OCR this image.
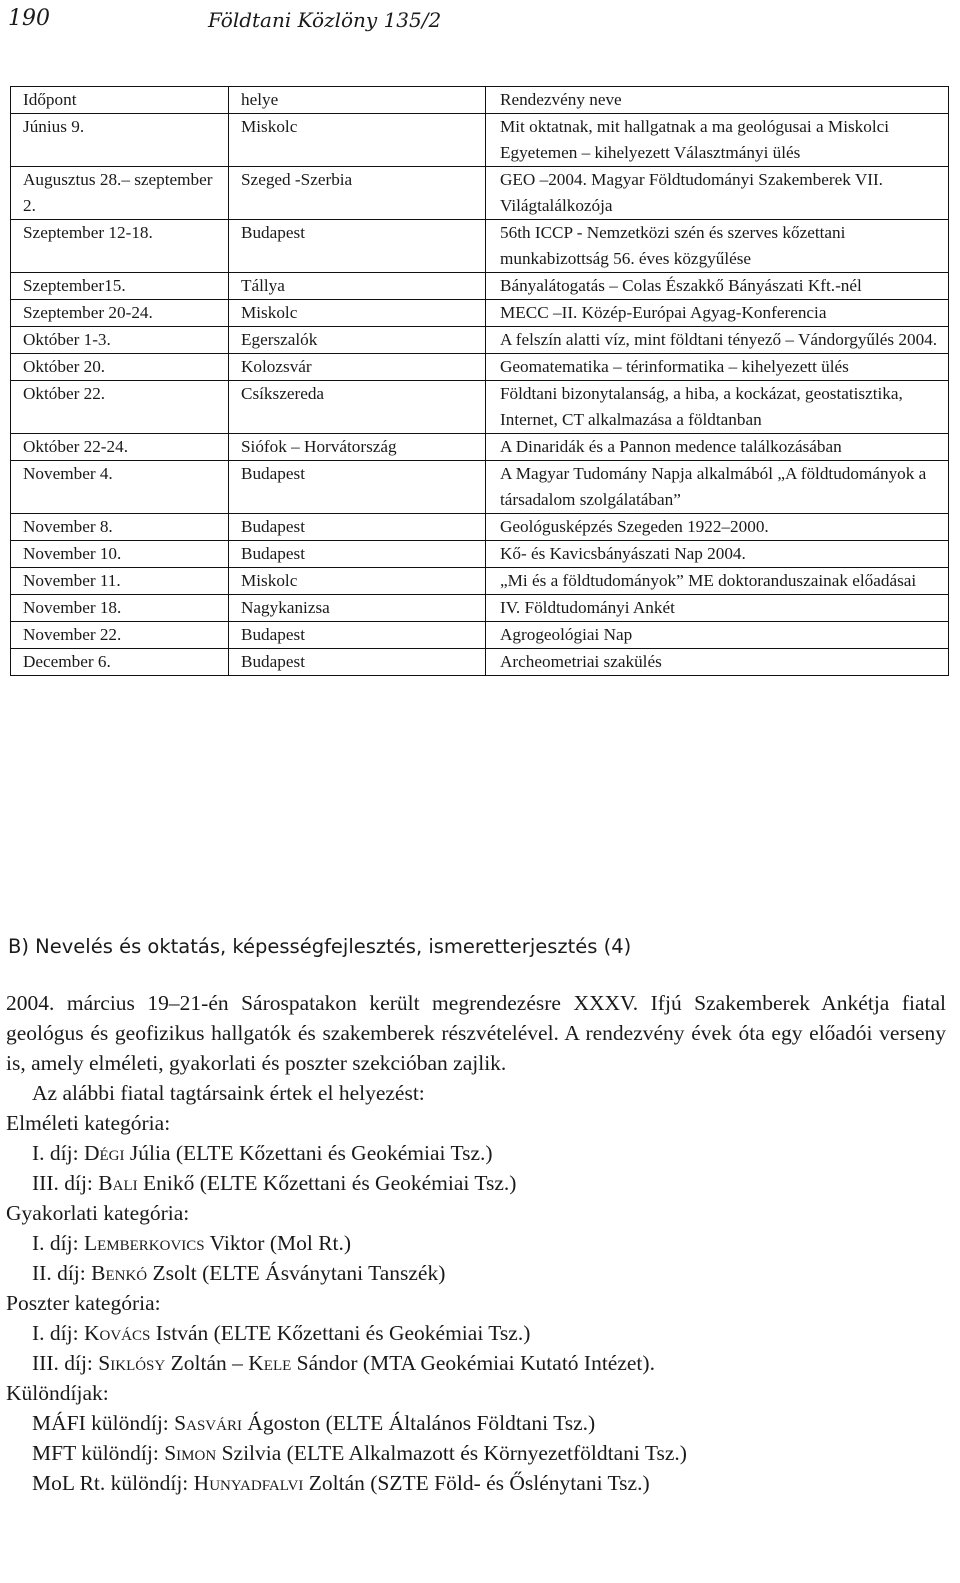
190	Földtani Közlöny 135/2
Időpont	helye	Rendezvény neve
Június 9.	Miskolc	Mit oktatnak, mit hallgatnak a ma geológusai a Miskolci Egyetemen – kihelyezett Választmányi ülés
Augusztus 28.– szeptember 2.	Szeged -Szerbia	GEO –2004. Magyar Földtudományi Szakemberek VII. Világtalálkozója
Szeptember 12-18.	Budapest	56th ICCP - Nemzetközi szén és szerves kőzettani munkabizottság 56. éves közgyűlése
Szeptember15.	Tállya	Bányalátogatás – Colas Északkő Bányászati Kft.-nél
Szeptember 20-24.	Miskolc	MECC –II. Közép-Európai Agyag-Konferencia
Október 1-3.	Egerszalók	A felszín alatti víz, mint földtani tényező – Vándorgyűlés 2004.
Október 20.	Kolozsvár	Geomatematika – térinformatika – kihelyezett ülés
Október 22.	Csíkszereda	Földtani bizonytalanság, a hiba, a kockázat, geostatisztika, Internet, CT alkalmazása a földtanban
Október 22-24.	Siófok – Horvátország	A Dinaridák és a Pannon medence találkozásában
November 4.	Budapest	A Magyar Tudomány Napja alkalmából „A földtudományok a társadalom szolgálatában”
November 8.	Budapest	Geológusképzés Szegeden 1922–2000.
November 10.	Budapest	Kő- és Kavicsbányászati Nap 2004.
November 11.	Miskolc	„Mi és a földtudományok” ME doktoranduszainak előadásai
November 18.	Nagykanizsa	IV. Földtudományi Ankét
November 22.	Budapest	Agrogeológiai Nap
December 6.	Budapest	Archeometriai szakülés
B) Nevelés és oktatás, képességfejlesztés, ismeretterjesztés (4)

2004. március 19–21-én Sárospatakon került megrendezésre XXXV. Ifjú Szakemberek Ankétja fiatal geológus és geofizikus hallgatók és szakemberek részvételével. A rendezvény évek óta egy előadói verseny is, amely elméleti, gyakorlati és poszter szekcióban zajlik.

Az alábbi fiatal tagtársaink értek el helyezést:

Elméleti kategória:

I. díj: Dégi Júlia (ELTE Kőzettani és Geokémiai Tsz.)

III. díj: Bali Enikő (ELTE Kőzettani és Geokémiai Tsz.)

Gyakorlati kategória:

I. díj: Lemberkovics Viktor (Mol Rt.)

II. díj: Benkó Zsolt (ELTE Ásványtani Tanszék)

Poszter kategória:

I. díj: Kovács István (ELTE Kőzettani és Geokémiai Tsz.)

III. díj: Siklósy Zoltán – Kele Sándor (MTA Geokémiai Kutató Intézet).

Különdíjak:

MÁFI különdíj: Sasvári Ágoston (ELTE Általános Földtani Tsz.)

MFT különdíj: Simon Szilvia (ELTE Alkalmazott és Környezetföldtani Tsz.)

MoL Rt. különdíj: Hunyadfalvi Zoltán (SZTE Föld- és Őslénytani Tsz.)
